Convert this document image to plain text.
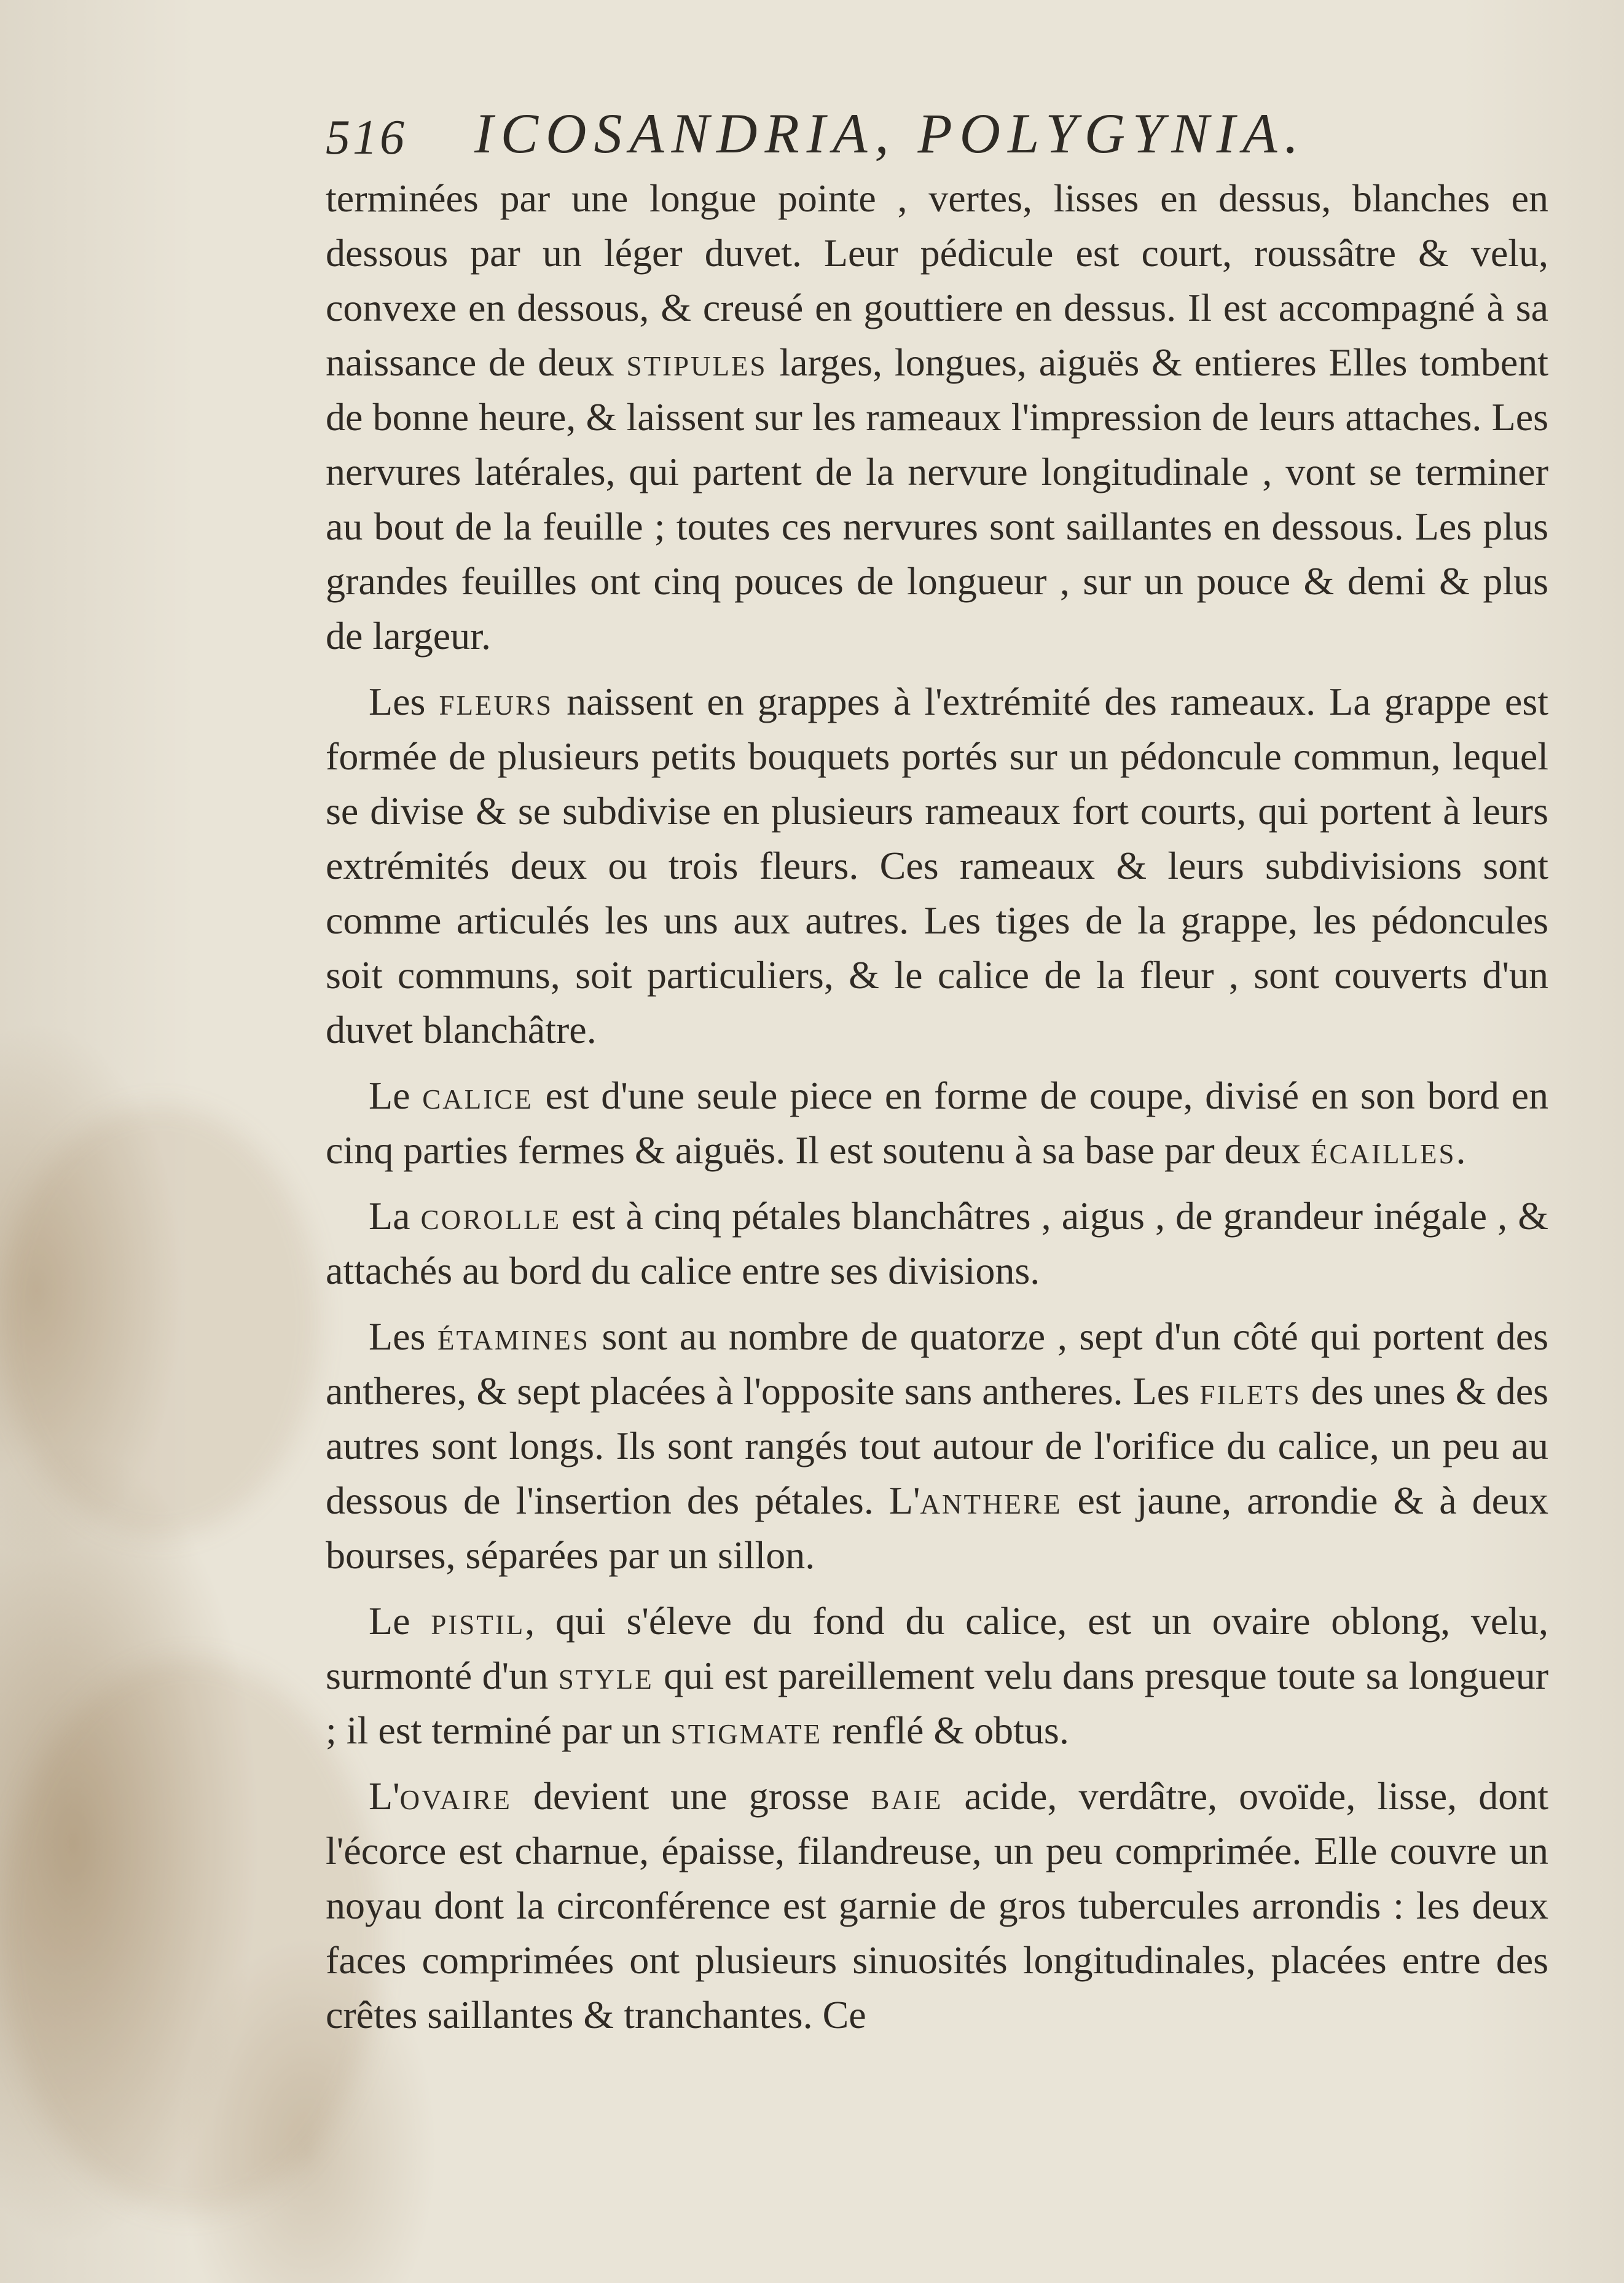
516 ICOSANDRIA, POLYGYNIA.

terminées par une longue pointe , vertes, lisses en dessus, blanches en dessous par un léger duvet. Leur pédicule est court, roussâtre & velu, convexe en dessous, & creusé en gouttiere en dessus. Il est accompagné à sa naissance de deux stipules larges, longues, aiguës & entieres Elles tombent de bonne heure, & laissent sur les rameaux l'impression de leurs attaches. Les nervures latérales, qui partent de la nervure longitudinale , vont se terminer au bout de la feuille ; toutes ces nervures sont saillantes en dessous. Les plus grandes feuilles ont cinq pouces de longueur , sur un pouce & demi & plus de largeur.

Les fleurs naissent en grappes à l'extrémité des rameaux. La grappe est formée de plusieurs petits bouquets portés sur un pédoncule commun, lequel se divise & se subdivise en plusieurs rameaux fort courts, qui portent à leurs extrémités deux ou trois fleurs. Ces rameaux & leurs subdivisions sont comme articulés les uns aux autres. Les tiges de la grappe, les pédoncules soit communs, soit particuliers, & le calice de la fleur , sont couverts d'un duvet blanchâtre.

Le calice est d'une seule piece en forme de coupe, divisé en son bord en cinq parties fermes & aiguës. Il est soutenu à sa base par deux écailles.

La corolle est à cinq pétales blanchâtres , aigus , de grandeur inégale , & attachés au bord du calice entre ses divisions.

Les étamines sont au nombre de quatorze , sept d'un côté qui portent des antheres, & sept placées à l'opposite sans antheres. Les filets des unes & des autres sont longs. Ils sont rangés tout autour de l'orifice du calice, un peu au dessous de l'insertion des pétales. L'anthere est jaune, arrondie & à deux bourses, séparées par un sillon.

Le pistil, qui s'éleve du fond du calice, est un ovaire oblong, velu, surmonté d'un style qui est pareillement velu dans presque toute sa longueur ; il est terminé par un stigmate renflé & obtus.

L'ovaire devient une grosse baie acide, verdâtre, ovoïde, lisse, dont l'écorce est charnue, épaisse, filandreuse, un peu comprimée. Elle couvre un noyau dont la circonférence est garnie de gros tubercules arrondis : les deux faces comprimées ont plusieurs sinuosités longitudinales, placées entre des crêtes saillantes & tranchantes. Ce
